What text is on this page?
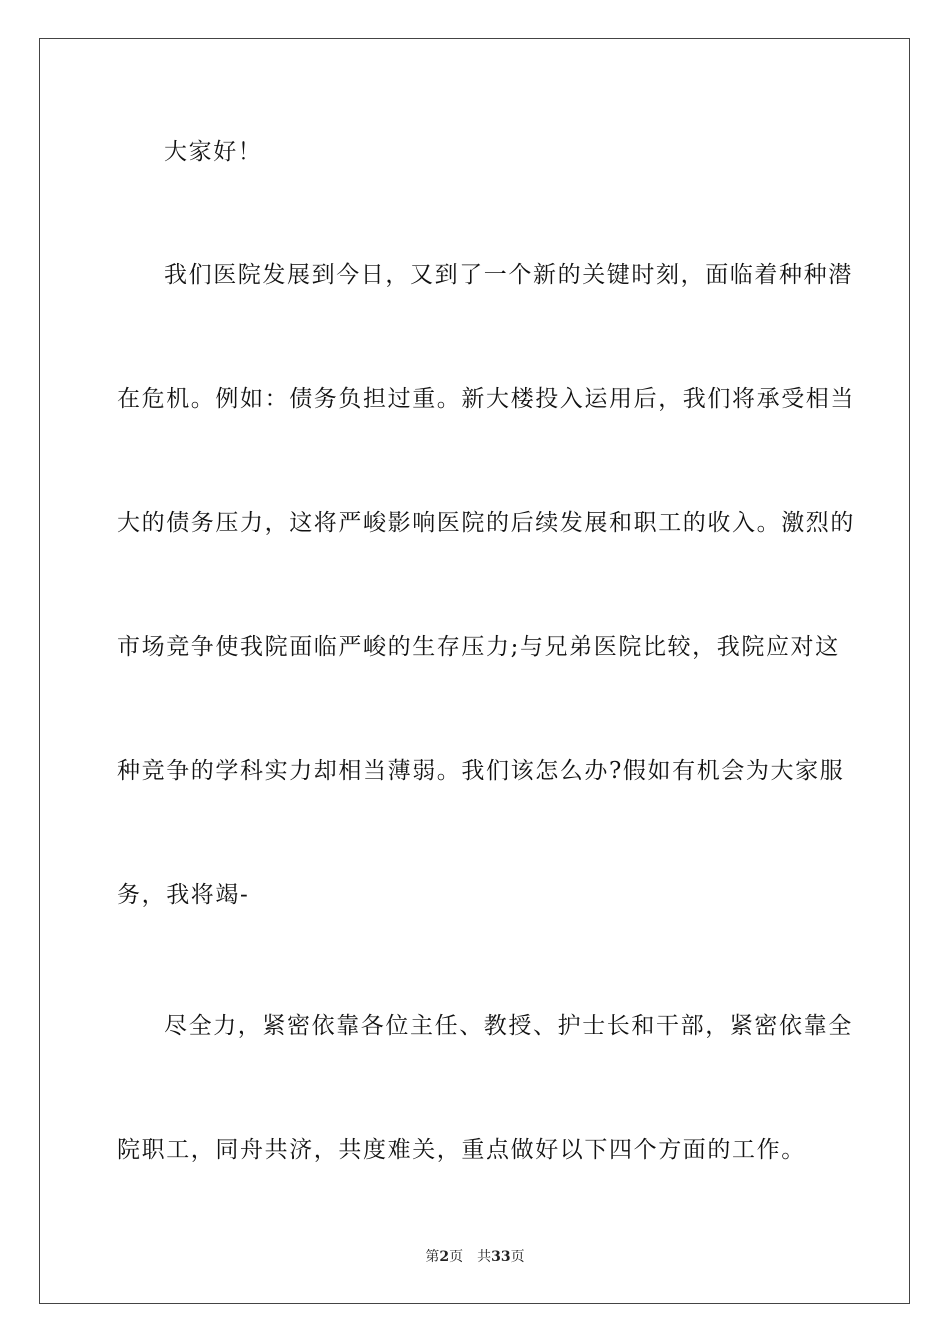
大家好！
我们医院发展到今日，又到了一个新的关键时刻，面临着种种潜
在危机。例如：债务负担过重。新大楼投入运用后，我们将承受相当
大的债务压力，这将严峻影响医院的后续发展和职工的收入。激烈的
市场竞争使我院面临严峻的生存压力;与兄弟医院比较，我院应对这
种竞争的学科实力却相当薄弱。我们该怎么办?假如有机会为大家服
务，我将竭-
尽全力，紧密依靠各位主任、教授、护士长和干部，紧密依靠全
院职工，同舟共济，共度难关，重点做好以下四个方面的工作。
第2页 共33页
